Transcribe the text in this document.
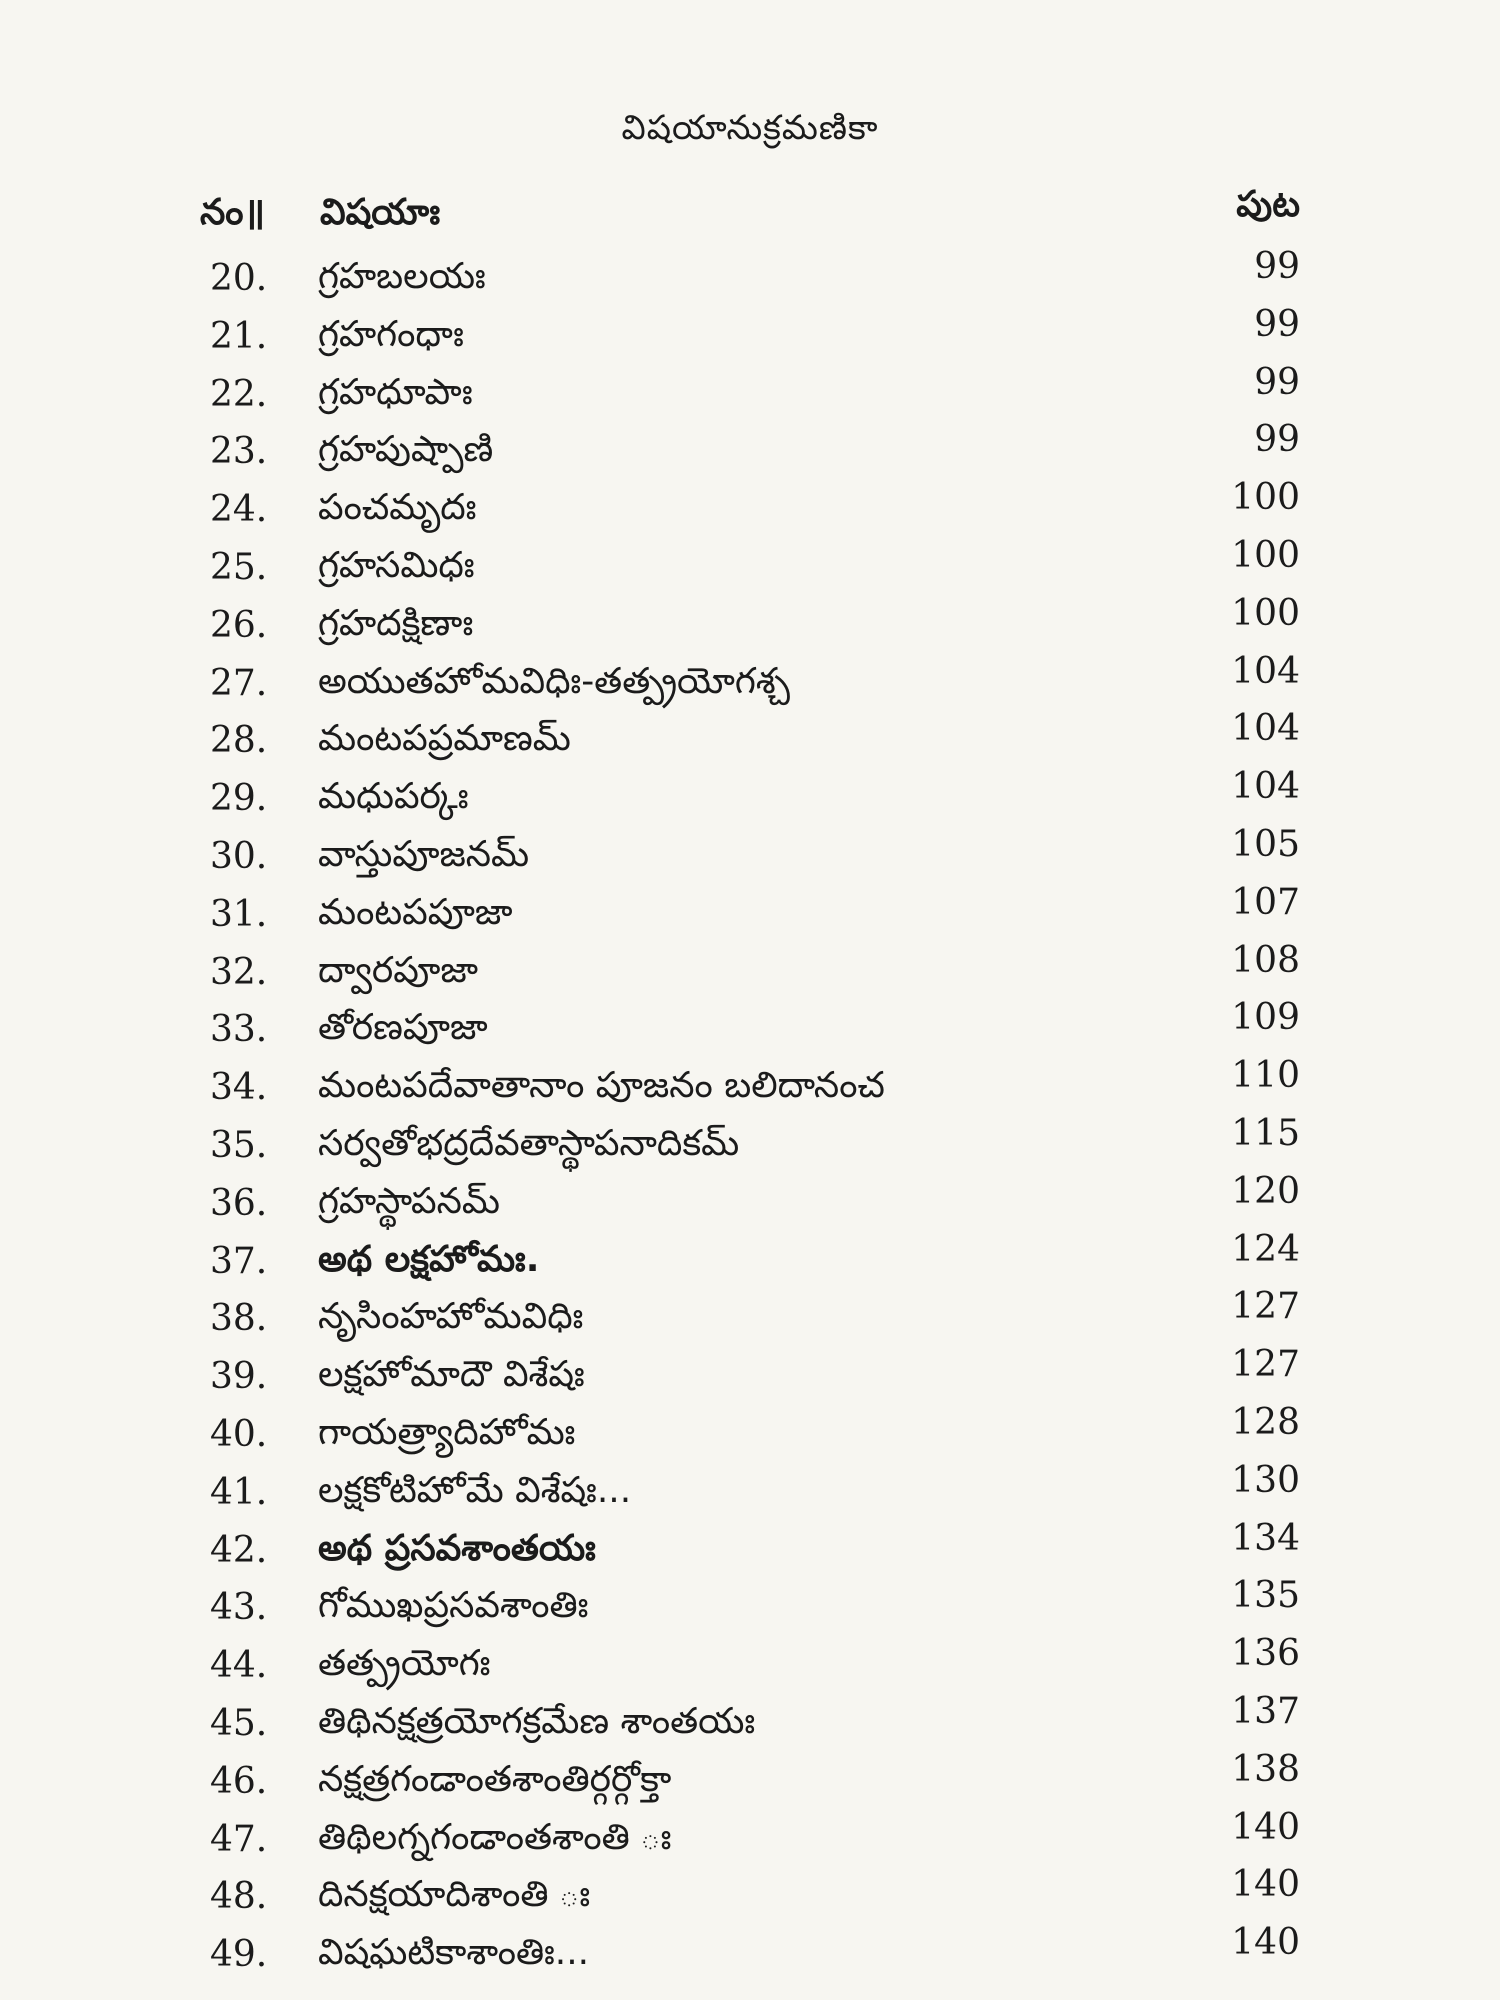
విషయానుక్రమణికా
నం॥ విషయాః	పుట
20. గ్రహబలయః	99
21. గ్రహగంధాః	99
22. గ్రహధూపాః	99
23. గ్రహపుష్పాణి	99
24. పంచమృదః	100
25. గ్రహసమిధః	100
26. గ్రహదక్షిణాః	100
27. అయుతహోమవిధిః-తత్ప్రయోగశ్చ	104
28. మంటపప్రమాణమ్	104
29. మధుపర్కః	104
30. వాస్తుపూజనమ్	105
31. మంటపపూజా	107
32. ద్వారపూజా	108
33. తోరణపూజా	109
34. మంటపదేవాతానాం పూజనం బలిదానంచ	110
35. సర్వతోభద్రదేవతాస్థాపనాదికమ్	115
36. గ్రహస్థాపనమ్	120
37. అథ లక్షహోమః.	124
38. నృసింహహోమవిధిః	127
39. లక్షహోమాదౌ విశేషః	127
40. గాయత్ర్యాదిహోమః	128
41. లక్షకోటిహోమే విశేషః...	130
42. అథ ప్రసవశాంతయః	134
43. గోముఖప్రసవశాంతిః	135
44. తత్ప్రయోగః	136
45. తిథినక్షత్రయోగక్రమేణ శాంతయః	137
46. నక్షత్రగండాంతశాంతిర్గర్గోక్తా	138
47. తిథిలగ్నగండాంతశాంతి ః	140
48. దినక్షయాదిశాంతి ః	140
49. విషఘటికాశాంతిః...	140
